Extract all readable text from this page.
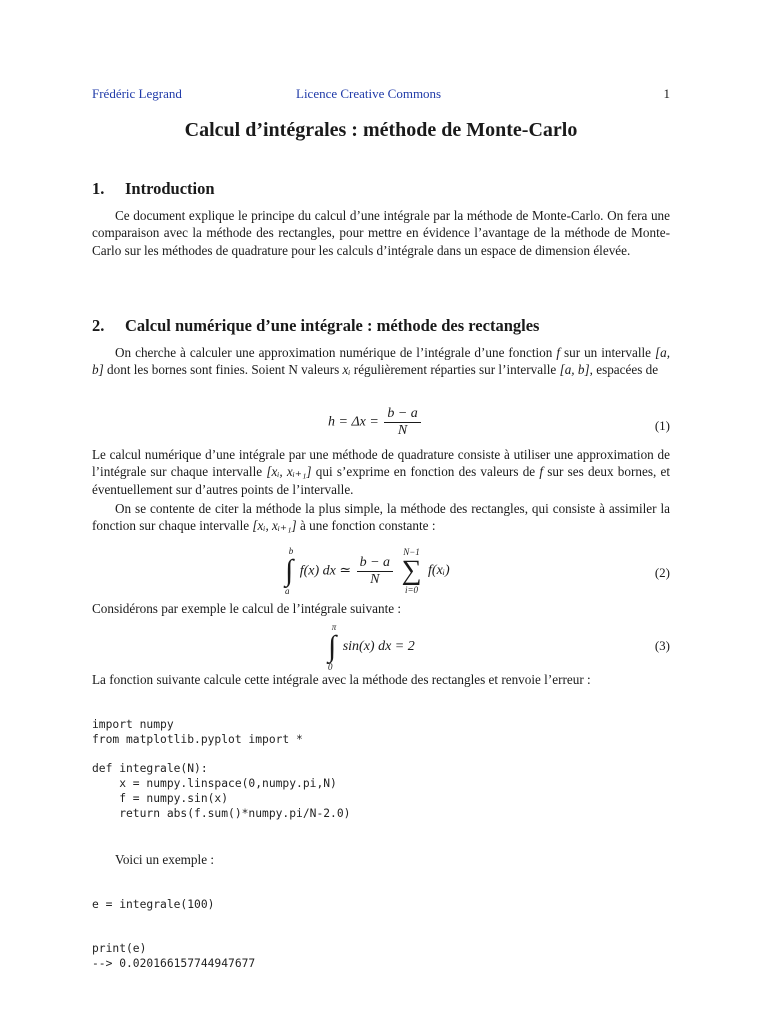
Frédéric Legrand	Licence Creative Commons	1
Calcul d’intégrales : méthode de Monte-Carlo
1. Introduction
Ce document explique le principe du calcul d’une intégrale par la méthode de Monte-Carlo. On fera une comparaison avec la méthode des rectangles, pour mettre en évidence l’avantage de la méthode de Monte-Carlo sur les méthodes de quadrature pour les calculs d’intégrale dans un espace de dimension élevée.
2. Calcul numérique d’une intégrale : méthode des rectangles
On cherche à calculer une approximation numérique de l’intégrale d’une fonction f sur un intervalle [a, b] dont les bornes sont finies. Soient N valeurs xᵢ régulièrement réparties sur l’intervalle [a, b], espacées de
$h = \Delta x = \frac{b - a}{N}$	(1)
Le calcul numérique d’une intégrale par une méthode de quadrature consiste à utiliser une approximation de l’intégrale sur chaque intervalle [xᵢ, xᵢ₊₁] qui s’exprime en fonction des valeurs de f sur ses deux bornes, et éventuellement sur d’autres points de l’intervalle.
On se contente de citer la méthode la plus simple, la méthode des rectangles, qui consiste à assimiler la fonction sur chaque intervalle [xᵢ, xᵢ₊₁] à une fonction constante :
b
∫
a
f(x) dx ≃ $\frac{b - a}{N}$
N−1
∑
i=0 f(xᵢ)	(2)
Considérons par exemple le calcul de l’intégrale suivante :
π
∫
0
sin(x) dx = 2	(3)
La fonction suivante calcule cette intégrale avec la méthode des rectangles et renvoie l’erreur :
import numpy
from matplotlib.pyplot import *

def integrale(N):
x = numpy.linspace(0,numpy.pi,N)
f = numpy.sin(x)
return abs(f.sum()*numpy.pi/N-2.0)
Voici un exemple :
e = integrale(100)
print(e)
--> 0.020166157744947677
